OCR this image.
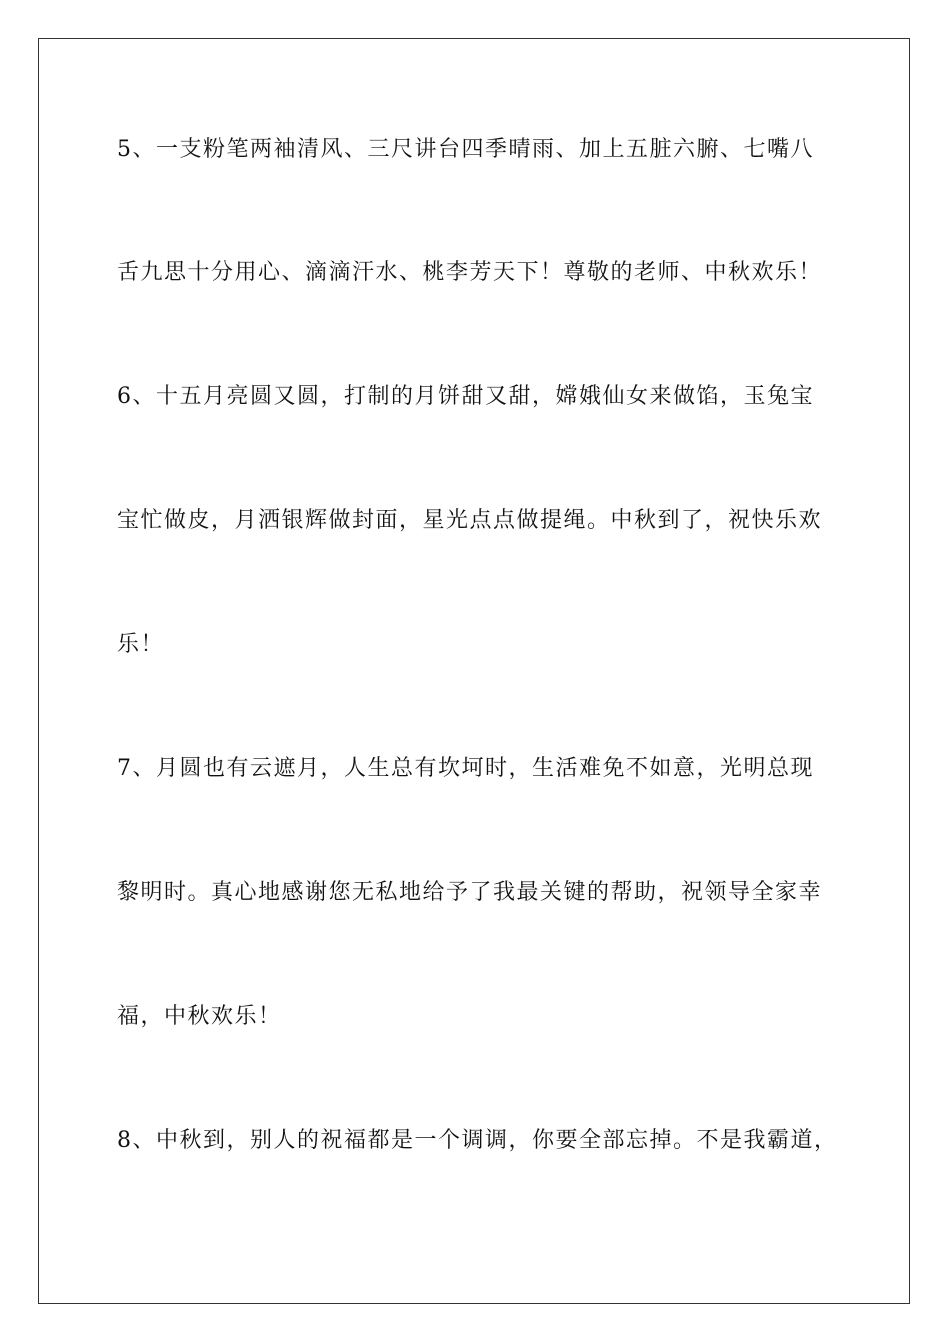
5、一支粉笔两袖清风、三尺讲台四季晴雨、加上五脏六腑、七嘴八
舌九思十分用心、滴滴汗水、桃李芳天下！尊敬的老师、中秋欢乐！
6、十五月亮圆又圆，打制的月饼甜又甜，嫦娥仙女来做馅，玉兔宝
宝忙做皮，月洒银辉做封面，星光点点做提绳。中秋到了，祝快乐欢
乐！
7、月圆也有云遮月，人生总有坎坷时，生活难免不如意，光明总现
黎明时。真心地感谢您无私地给予了我最关键的帮助，祝领导全家幸
福，中秋欢乐！
8、中秋到，别人的祝福都是一个调调，你要全部忘掉。不是我霸道，
